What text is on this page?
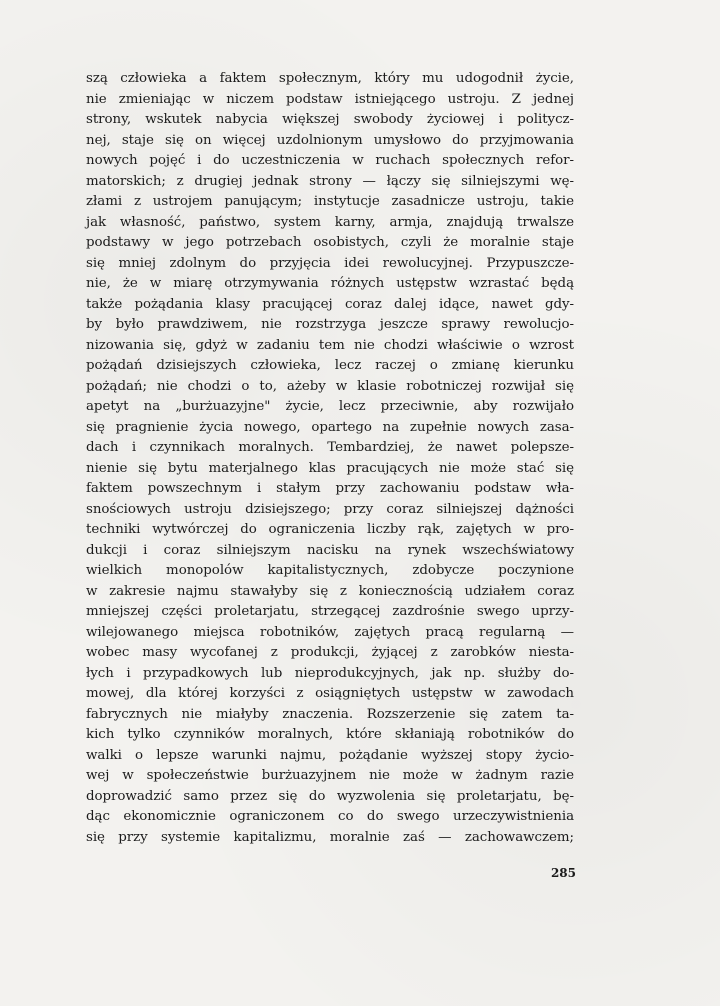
szą człowieka a faktem społecznym, który mu udogodnił życie,
nie zmieniając w niczem podstaw istniejącego ustroju. Z jednej
strony, wskutek nabycia większej swobody życiowej i politycz-
nej, staje się on więcej uzdolnionym umysłowo do przyjmowania
nowych pojęć i do uczestniczenia w ruchach społecznych refor-
matorskich; z drugiej jednak strony — łączy się silniejszymi wę-
złami z ustrojem panującym; instytucje zasadnicze ustroju, takie
jak własność, państwo, system karny, armja, znajdują trwalsze
podstawy w jego potrzebach osobistych, czyli że moralnie staje
się mniej zdolnym do przyjęcia idei rewolucyjnej. Przypuszcze-
nie, że w miarę otrzymywania różnych ustępstw wzrastać będą
także pożądania klasy pracującej coraz dalej idące, nawet gdy-
by było prawdziwem, nie rozstrzyga jeszcze sprawy rewolucjo-
nizowania się, gdyż w zadaniu tem nie chodzi właściwie o wzrost
pożądań dzisiejszych człowieka, lecz raczej o zmianę kierunku
pożądań; nie chodzi o to, ażeby w klasie robotniczej rozwijał się
apetyt na „burżuazyjne" życie, lecz przeciwnie, aby rozwijało
się pragnienie życia nowego, opartego na zupełnie nowych zasa-
dach i czynnikach moralnych. Tembardziej, że nawet polepsze-
nienie się bytu materjalnego klas pracujących nie może stać się
faktem powszechnym i stałym przy zachowaniu podstaw wła-
snościowych ustroju dzisiejszego; przy coraz silniejszej dążności
techniki wytwórczej do ograniczenia liczby rąk, zajętych w pro-
dukcji i coraz silniejszym nacisku na rynek wszechświatowy
wielkich monopolów kapitalistycznych, zdobycze poczynione
w zakresie najmu stawałyby się z koniecznością udziałem coraz
mniejszej części proletarjatu, strzegącej zazdrośnie swego uprzy-
wilejowanego miejsca robotników, zajętych pracą regularną —
wobec masy wycofanej z produkcji, żyjącej z zarobków niesta-
łych i przypadkowych lub nieprodukcyjnych, jak np. służby do-
mowej, dla której korzyści z osiągniętych ustępstw w zawodach
fabrycznych nie miałyby znaczenia. Rozszerzenie się zatem ta-
kich tylko czynników moralnych, które skłaniają robotników do
walki o lepsze warunki najmu, pożądanie wyższej stopy życio-
wej w społeczeństwie burżuazyjnem nie może w żadnym razie
doprowadzić samo przez się do wyzwolenia się proletarjatu, bę-
dąc ekonomicznie ograniczonem co do swego urzeczywistnienia
się przy systemie kapitalizmu, moralnie zaś — zachowawczem;
285
